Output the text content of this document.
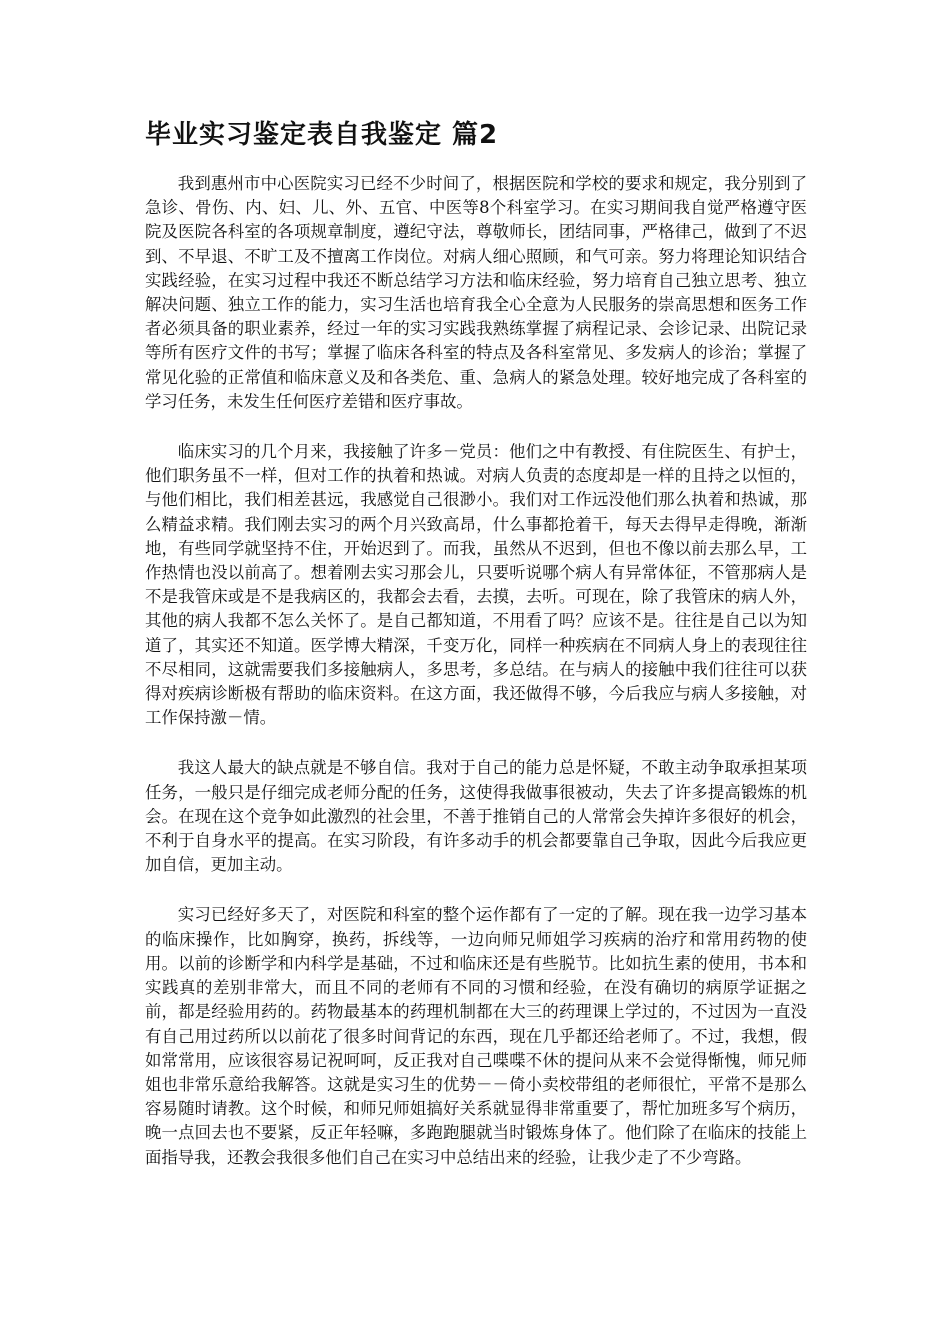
毕业实习鉴定表自我鉴定 篇2

我到惠州市中心医院实习已经不少时间了，根据医院和学校的要求和规定，我分别到了急诊、骨伤、内、妇、儿、外、五官、中医等8个科室学习。在实习期间我自觉严格遵守医院及医院各科室的各项规章制度，遵纪守法，尊敬师长，团结同事，严格律己，做到了不迟到、不早退、不旷工及不擅离工作岗位。对病人细心照顾，和气可亲。努力将理论知识结合实践经验，在实习过程中我还不断总结学习方法和临床经验，努力培育自己独立思考、独立解决问题、独立工作的能力，实习生活也培育我全心全意为人民服务的崇高思想和医务工作者必须具备的职业素养，经过一年的实习实践我熟练掌握了病程记录、会诊记录、出院记录等所有医疗文件的书写；掌握了临床各科室的特点及各科室常见、多发病人的诊治；掌握了常见化验的正常值和临床意义及和各类危、重、急病人的紧急处理。较好地完成了各科室的学习任务，未发生任何医疗差错和医疗事故。

临床实习的几个月来，我接触了许多－党员：他们之中有教授、有住院医生、有护士，他们职务虽不一样，但对工作的执着和热诚。对病人负责的态度却是一样的且持之以恒的，与他们相比，我们相差甚远，我感觉自己很渺小。我们对工作远没他们那么执着和热诚，那么精益求精。我们刚去实习的两个月兴致高昂，什么事都抢着干，每天去得早走得晚，渐渐地，有些同学就坚持不住，开始迟到了。而我，虽然从不迟到，但也不像以前去那么早，工作热情也没以前高了。想着刚去实习那会儿，只要听说哪个病人有异常体征，不管那病人是不是我管床或是不是我病区的，我都会去看，去摸，去听。可现在，除了我管床的病人外，其他的病人我都不怎么关怀了。是自己都知道，不用看了吗？应该不是。往往是自己以为知道了，其实还不知道。医学博大精深，千变万化，同样一种疾病在不同病人身上的表现往往不尽相同，这就需要我们多接触病人，多思考，多总结。在与病人的接触中我们往往可以获得对疾病诊断极有帮助的临床资料。在这方面，我还做得不够，今后我应与病人多接触，对工作保持激－情。

我这人最大的缺点就是不够自信。我对于自己的能力总是怀疑，不敢主动争取承担某项任务，一般只是仔细完成老师分配的任务，这使得我做事很被动，失去了许多提高锻炼的机会。在现在这个竞争如此激烈的社会里，不善于推销自己的人常常会失掉许多很好的机会，不利于自身水平的提高。在实习阶段，有许多动手的机会都要靠自己争取，因此今后我应更加自信，更加主动。

实习已经好多天了，对医院和科室的整个运作都有了一定的了解。现在我一边学习基本的临床操作，比如胸穿，换药，拆线等，一边向师兄师姐学习疾病的治疗和常用药物的使用。以前的诊断学和内科学是基础，不过和临床还是有些脱节。比如抗生素的使用，书本和实践真的差别非常大，而且不同的老师有不同的习惯和经验，在没有确切的病原学证据之前，都是经验用药的。药物最基本的药理机制都在大三的药理课上学过的，不过因为一直没有自己用过药所以以前花了很多时间背记的东西，现在几乎都还给老师了。不过，我想，假如常常用，应该很容易记祝呵呵，反正我对自己喋喋不休的提问从来不会觉得惭愧，师兄师姐也非常乐意给我解答。这就是实习生的优势－－倚小卖校带组的老师很忙，平常不是那么容易随时请教。这个时候，和师兄师姐搞好关系就显得非常重要了，帮忙加班多写个病历，晚一点回去也不要紧，反正年轻嘛，多跑跑腿就当时锻炼身体了。他们除了在临床的技能上面指导我，还教会我很多他们自己在实习中总结出来的经验，让我少走了不少弯路。
